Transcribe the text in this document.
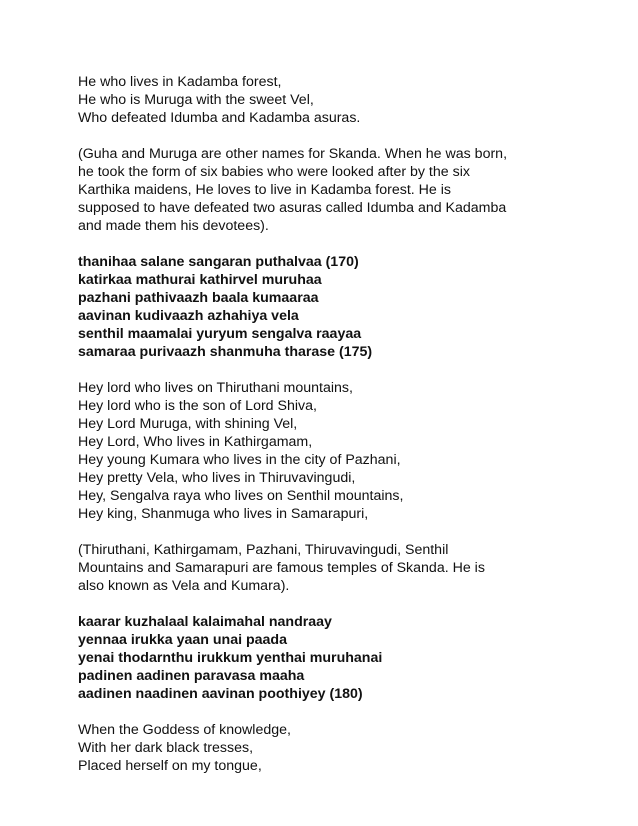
He who lives in Kadamba forest,
He who is Muruga with the sweet Vel,
Who defeated Idumba and Kadamba asuras.
(Guha and Muruga are other names for Skanda. When he was born,
he took the form of six babies who were looked after by the six
Karthika maidens, He loves to live in Kadamba forest. He is
supposed to have defeated two asuras called Idumba and Kadamba
and made them his devotees).
thanihaa salane sangaran puthalvaa (170)
katirkaa mathurai kathirvel muruhaa
pazhani pathivaazh baala kumaaraa
aavinan kudivaazh azhahiya vela
senthil maamalai yuryum sengalva raayaa
samaraa purivaazh shanmuha tharase (175)
Hey lord who lives on Thiruthani mountains,
Hey lord who is the son of Lord Shiva,
Hey Lord Muruga, with shining Vel,
Hey Lord, Who lives in Kathirgamam,
Hey young Kumara who lives in the city of Pazhani,
Hey pretty Vela, who lives in Thiruvavingudi,
Hey, Sengalva raya who lives on Senthil mountains,
Hey king, Shanmuga who lives in Samarapuri,
(Thiruthani, Kathirgamam, Pazhani, Thiruvavingudi, Senthil
Mountains and Samarapuri are famous temples of Skanda. He is
also known as Vela and Kumara).
kaarar kuzhalaal kalaimahal nandraay
yennaa irukka yaan unai paada
yenai thodarnthu irukkum yenthai muruhanai
padinen aadinen paravasa maaha
aadinen naadinen aavinan poothiyey (180)
When the Goddess of knowledge,
With her dark black tresses,
Placed herself on my tongue,
